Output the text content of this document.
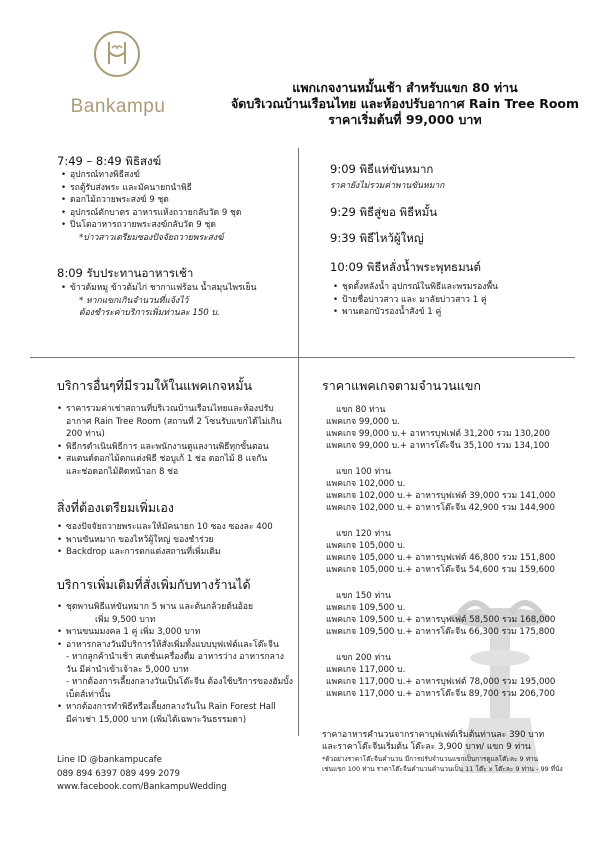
Bankampu
แพกเกจงานหมั้นเช้า สำหรับแขก 80 ท่าน
จัดบริเวณบ้านเรือนไทย และห้องปรับอากาศ Rain Tree Room
ราคาเริ่มต้นที่ 99,000 บาท
7:49 – 8:49 พิธิสงฆ์
• อุปกรณ์ทางพิธีสงฆ์
• รถตู้รับส่งพระ และมัคนายกนำพิธี
• ดอกไม้ถวายพระสงฆ์ 9 ชุด
• อุปกรณ์ตักบาตร อาหารแห้งถวายกลับวัด 9 ชุด
• ปิ่นโตอาหารถวายพระสงฆ์กลับวัด 9 ชุด
*บ่าวสาวเตรียมซองปัจจัยถวายพระสงฆ์
8:09 รับประทานอาหารเช้า
• ข้าวต้มหมู ข้าวต้มไก่ ชากาแฟร้อน น้ำสมุนไพรเย็น
* หากแขกเกินจำนวนที่แจ้งไว้
ต้องชำระค่าบริการเพิ่มท่านละ 150 บ.
9:09 พิธีแห่ขันหมาก
ราคายังไม่รวมค่าพานขันหมาก
9:29 พิธีสู่ขอ พิธีหมั้น
9:39 พิธีไหว้ผู้ใหญ่
10:09 พิธีหลั่งน้ำพระพุทธมนต์
• ชุดตั้งหลังน้ำ อุปกรณ์ในพิธีและพรมรองพื้น
• ป้ายชื่อบ่าวสาว และ มาลัยบ่าวสาว 1 คู่
• พานดอกบัวรองน้ำสังข์ 1 คู่
บริการอื่นๆที่มีรวมให้ในแพคเกจหมั้น
• ราคารวมค่าเช่าสถานที่บริเวณบ้านเรือนไทยและห้องปรับ
อากาศ Rain Tree Room (สถานที่ 2 โซนรับแขกได้ไม่เกิน
200 ท่าน)
• พิธีกรดำเนินพิธีการ และพนักงานดูแลงานพิธีทุกขั้นตอน
• สแตนด์ดอกไม้ตกแต่งพิธี ช่อบูเก้ 1 ช่อ ดอกไม้ 8 แจกัน
และช่อดอกไม้ติดหน้าอก 8 ช่อ
สิ่งที่ต้องเตรียมเพิ่มเอง
• ซองปัจจัยถวายพระและให้มัคนายก 10 ซอง ซองละ 400
• พานขันหมาก ของไหว้ผู้ใหญ่ ของชำร่วย
• Backdrop และการตกแต่งสถานที่เพิ่มเติม
บริการเพิ่มเติมที่สั่งเพิ่มกับทางร้านได้
• ชุดพานพิธีแห่ขันหมาก 5 พาน และต้นกล้วยต้นอ้อย
เพิ่ม 9,500 บาท
• พานขนมมงคล 1 คู่ เพิ่ม 3,000 บาท
• อาหารกลางวันมีบริการให้สั่งเพิ่มทั้งแบบบุฟเฟ่ต์และโต๊ะจีน
- หากลูกค้านำเช้า สเตชั่นเครื่องดื่ม อาหารว่าง อาหารกลาง
วัน มีค่านำเข้าเจ้าละ 5,000 บาท
- หากต้องการเลี้ยงกลางวันเป็นโต๊ะจีน ต้องใช้บริการของฮัมบั้ง
เบ็ตส์เท่านั้น
• หากต้องการทำพิธีหรือเลี้ยงกลางวันใน Rain Forest Hall
มีค่าเช่า 15,000 บาท (เพิ่มได้เฉพาะวันธรรมดา)
Line ID @bankampucafe
089 894 6397 089 499 2079
www.facebook.com/BankampuWedding
ราคาแพคเกจตามจำนวนแขก
แขก 80 ท่าน
แพคเกจ 99,000 บ.
แพคเกจ 99,000 บ.+ อาหารบุฟเฟต์ 31,200 รวม 130,200
แพคเกจ 99,000 บ.+ อาหารโต๊ะจีน 35,100 รวม 134,100
แขก 100 ท่าน
แพคเกจ 102,000 บ.
แพคเกจ 102,000 บ.+ อาหารบุฟเฟต์ 39,000 รวม 141,000
แพคเกจ 102,000 บ.+ อาหารโต๊ะจีน 42,900 รวม 144,900
แขก 120 ท่าน
แพคเกจ 105,000 บ.
แพคเกจ 105,000 บ.+ อาหารบุฟเฟต์ 46,800 รวม 151,800
แพคเกจ 105,000 บ.+ อาหารโต๊ะจีน 54,600 รวม 159,600
แขก 150 ท่าน
แพคเกจ 109,500 บ.
แพคเกจ 109,500 บ.+ อาหารบุฟเฟต์ 58,500 รวม 168,000
แพคเกจ 109,500 บ.+ อาหารโต๊ะจีน 66,300 รวม 175,800
แขก 200 ท่าน
แพคเกจ 117,000 บ.
แพคเกจ 117,000 บ.+ อาหารบุฟเฟต์ 78,000 รวม 195,000
แพคเกจ 117,000 บ.+ อาหารโต๊ะจีน 89,700 รวม 206,700
ราคาอาหารคำนวนจากราคาบุฟเฟต์เริ่มต้นท่านละ 390 บาท
และราคาโต๊ะจีนเริ่มต้น โต๊ะละ 3,900 บาท/ แขก 9 ท่าน
*ตัวอย่างราคาโต๊ะจีนคำนวน มีการปรับจำนวนแขกเป็นการดูแลโต๊ะละ 9 ท่าน
เช่นแขก 100 ท่าน ราคาโต๊ะจีนคำนวนคำนวนเป็น 11 โต๊ะ x โต๊ะละ 9 ท่าน - 99 ที่นั่ง
